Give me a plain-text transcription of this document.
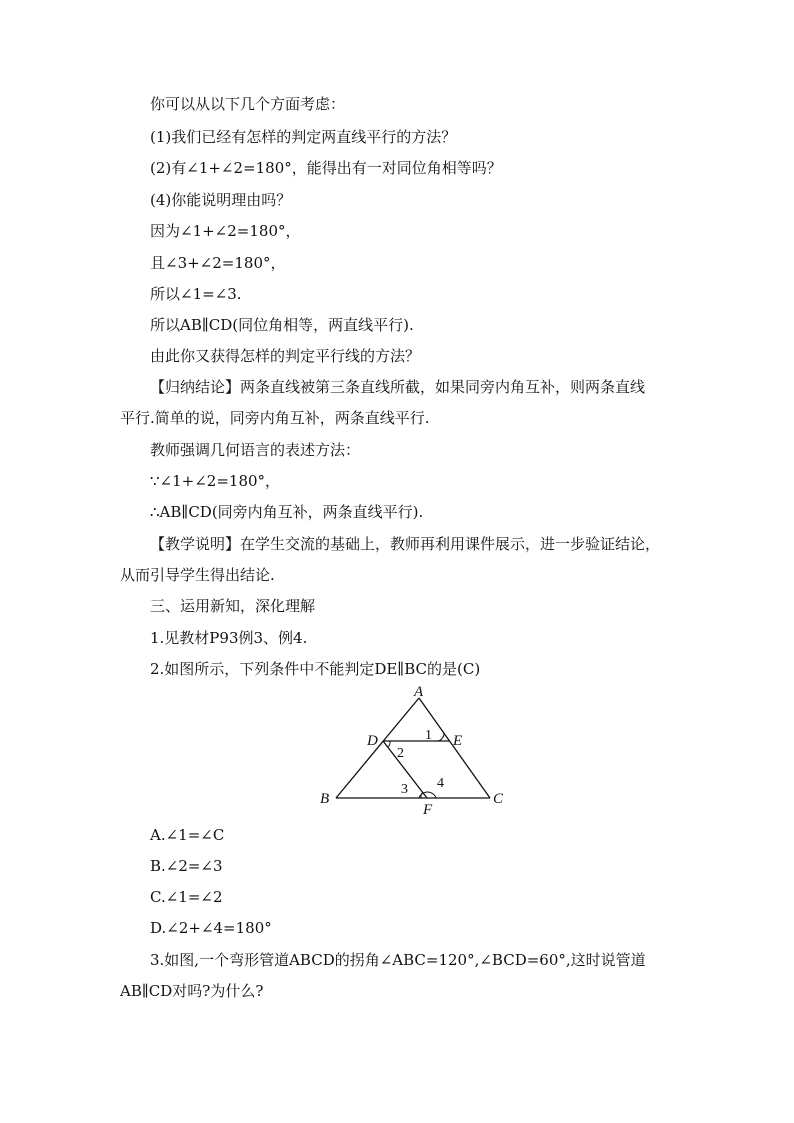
你可以从以下几个方面考虑：
(1)我们已经有怎样的判定两直线平行的方法？
(2)有∠1+∠2=180°，能得出有一对同位角相等吗？
(4)你能说明理由吗？
因为∠1+∠2=180°，
且∠3+∠2=180°，
所以∠1=∠3.
所以AB∥CD(同位角相等，两直线平行).
由此你又获得怎样的判定平行线的方法？
【归纳结论】两条直线被第三条直线所截，如果同旁内角互补，则两条直线
平行.简单的说，同旁内角互补，两条直线平行.
教师强调几何语言的表述方法：
∵∠1+∠2=180°，
∴AB∥CD(同旁内角互补，两条直线平行).
【教学说明】在学生交流的基础上，教师再利用课件展示，进一步验证结论，
从而引导学生得出结论.
三、运用新知，深化理解
1.见教材P93例3、例4.
2.如图所示，下列条件中不能判定DE∥BC的是(C)
A
D	E
B	C
F
1
2
3 4
A.∠1=∠C
B.∠2=∠3
C.∠1=∠2
D.∠2+∠4=180°
3.如图,一个弯形管道ABCD的拐角∠ABC=120°,∠BCD=60°,这时说管道
AB∥CD对吗?为什么?
